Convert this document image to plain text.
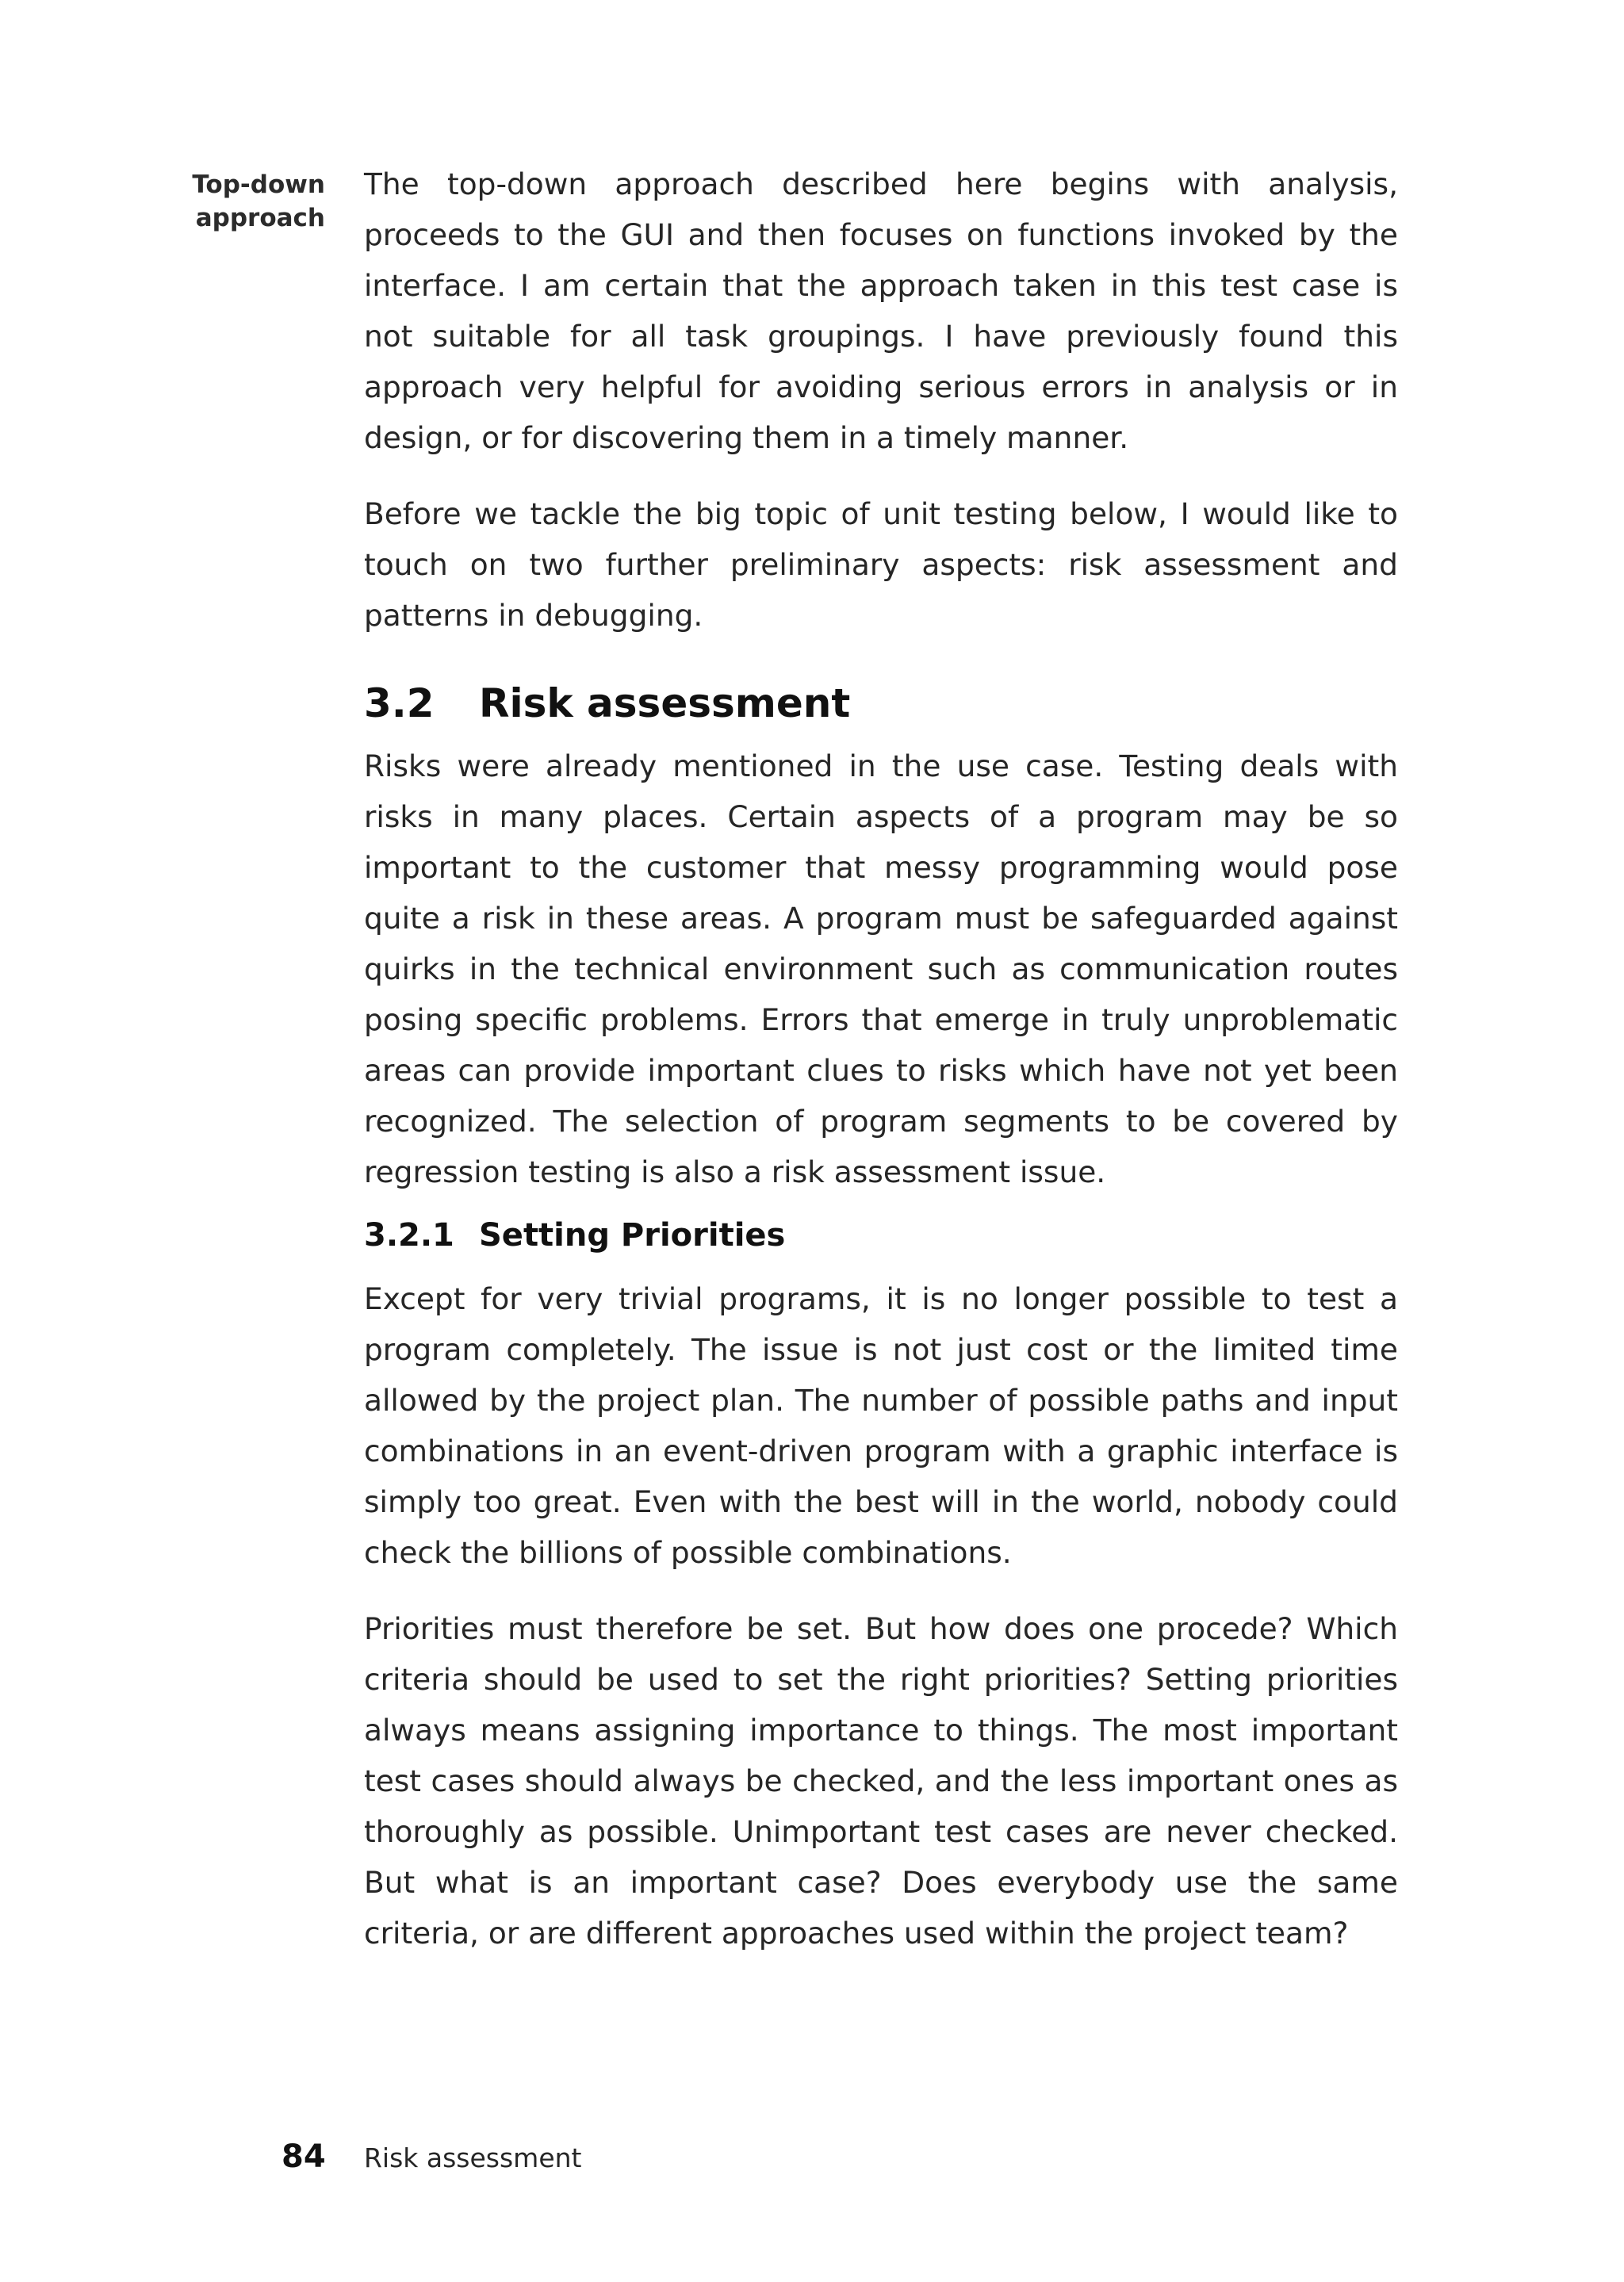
Top-down
approach

The top-down approach described here begins with analysis, proceeds to the GUI and then focuses on functions invoked by the interface. I am certain that the approach taken in this test case is not suitable for all task groupings. I have previously found this approach very helpful for avoiding serious errors in analysis or in design, or for discovering them in a timely manner.

Before we tackle the big topic of unit testing below, I would like to touch on two further preliminary aspects: risk assessment and patterns in debugging.

3.2 Risk assessment

Risks were already mentioned in the use case. Testing deals with risks in many places. Certain aspects of a program may be so important to the customer that messy programming would pose quite a risk in these areas. A program must be safeguarded against quirks in the technical environment such as communication routes posing specific problems. Errors that emerge in truly unproblematic areas can provide important clues to risks which have not yet been recognized. The selection of program segments to be covered by regression testing is also a risk assessment issue.

3.2.1 Setting Priorities

Except for very trivial programs, it is no longer possible to test a program completely. The issue is not just cost or the limited time allowed by the project plan. The number of possible paths and input combinations in an event-driven program with a graphic interface is simply too great. Even with the best will in the world, nobody could check the billions of possible combinations.

Priorities must therefore be set. But how does one procede? Which criteria should be used to set the right priorities? Setting priorities always means assigning importance to things. The most important test cases should always be checked, and the less important ones as thoroughly as possible. Unimportant test cases are never checked. But what is an important case? Does everybody use the same criteria, or are different approaches used within the project team?

84 Risk assessment
